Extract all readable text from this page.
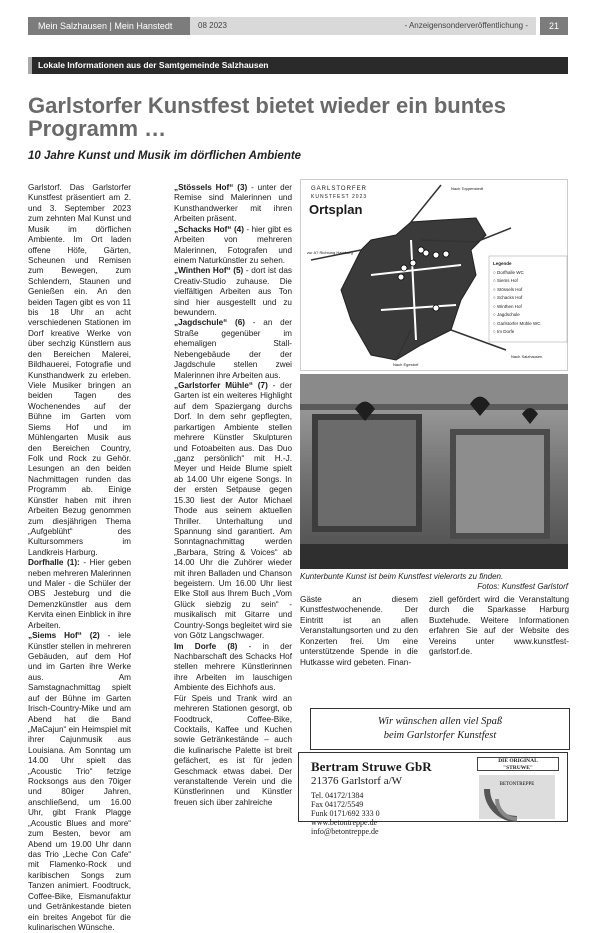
Mein Salzhausen | Mein Hanstedt	08 2023	- Anzeigensonderveröffentlichung -	21
Lokale Informationen aus der Samtgemeinde Salzhausen
Garlstorfer Kunstfest bietet wieder ein buntes Programm …
10 Jahre Kunst und Musik im dörflichen Ambiente

Garlstorf. Das Garlstorfer Kunstfest präsentiert am 2. und 3. September 2023 zum zehnten Mal Kunst und Musik im dörflichen Ambiente. Im Ort laden offene Höfe, Gärten, Scheunen und Remisen zum Bewegen, zum Schlendern, Staunen und Genießen ein. An den beiden Tagen gibt es von 11 bis 18 Uhr an acht verschiedenen Stationen im Dorf kreative Werke von über sechzig Künstlern aus den Bereichen Malerei, Bildhauerei, Fotografie und Kunsthandwerk zu erleben. Viele Musiker bringen an beiden Tagen des Wochenendes auf der Bühne im Garten vom Siems Hof und im Mühlengarten Musik aus den Bereichen Country, Folk und Rock zu Gehör. Lesungen an den beiden Nachmittagen runden das Programm ab. Einige Künstler haben mit ihren Arbeiten Bezug genommen zum diesjährigen Thema „Aufgeblüht“ des Kultursommers im Landkreis Harburg.

Dorfhalle (1): - Hier geben neben mehreren Malerinnen und Maler - die Schüler der OBS Jesteburg und die Demenzkünstler aus dem Kervita einen Einblick in ihre Arbeiten.

„Siems Hof“ (2) - iele Künstler stellen in mehreren Gebäuden, auf dem Hof und im Garten ihre Werke aus. Am Samstagnachmittag spielt auf der Bühne im Garten Irisch-Country-Mike und am Abend hat die Band „MaCajun“ ein Heimspiel mit ihrer Cajunmusik aus Louisiana. Am Sonntag um 14.00 Uhr spielt das „Acoustic Trio“ fetzige Rocksongs aus den 70iger und 80iger Jahren, anschließend, um 16.00 Uhr, gibt Frank Plagge „Acoustic Blues and more“ zum Besten, bevor am Abend um 19.00 Uhr dann das Trio „Leche Con Cafe“ mit Flamenko-Rock und karibischen Songs zum Tanzen animiert. Foodtruck, Coffee-Bike, Eismanufaktur und Getränkestande bieten ein breites Angebot für die kulinarischen Wünsche.

„Stössels Hof“ (3) - unter der Remise sind Malerinnen und Kunsthandwerker mit ihren Arbeiten präsent.

„Schacks Hof“ (4) - hier gibt es Arbeiten von mehreren Malerinnen, Fotografen und einem Naturkünstler zu sehen.

„Winthen Hof“ (5) - dort ist das Creativ-Studio zuhause. Die vielfältigen Arbeiten aus Ton sind hier ausgestellt und zu bewundern.

„Jagdschule“ (6) - an der Straße gegenüber im ehemaligen Stall-Nebengebäude der der Jagdschule stellen zwei Malerinnen ihre Arbeiten aus.

„Garlstorfer Mühle“ (7) - der Garten ist ein weiteres Highlight auf dem Spaziergang durchs Dorf. In dem sehr gepflegten, parkartigen Ambiente stellen mehrere Künstler Skulpturen und Fotoabeiten aus. Das Duo „ganz persönlich“ mit H.-J. Meyer und Heide Blume spielt ab 14.00 Uhr eigene Songs. In der ersten Setpause gegen 15.30 liest der Autor Michael Thode aus seinem aktuellen Thriller. Unterhaltung und Spannung sind garantiert. Am Sonntagnachmittag werden „Barbara, String & Voices“ ab 14.00 Uhr die Zuhörer wieder mit ihren Balladen und Chanson begeistern. Um 16.00 Uhr liest Elke Stoll aus Ihrem Buch „Vom Glück siebzig zu sein“ - musikalisch mit Gitarre und Country-Songs begleitet wird sie von Götz Langschwager.

Im Dorfe (8) - in der Nachbarschaft des Schacks Hof stellen mehrere Künstlerinnen ihre Arbeiten im lauschigen Ambiente des Eichhofs aus.

Für Speis und Trank wird an mehreren Stationen gesorgt, ob Foodtruck, Coffee-Bike, Cocktails, Kaffee und Kuchen sowie Getränkestände – auch die kulinarische Palette ist breit gefächert, es ist für jeden Geschmack etwas dabei. Der veranstaltende Verein und die Künstlerinnen und Künstler freuen sich über zahlreiche

GARLSTORFER
KUNSTFEST 2023
Ortsplan
Nach Toppenstedt
zur A7 Richtung Hamburg
Nach Egestorf
Nach Salzhausen
Legende
○ Dorfhalle WC
○ Siems Hof
○ Stössels Hof
○ Schacks Hof
○ Winthen Hof
○ Jagdschule
○ Garlstorfer Mühle WC
○ Im Dorfe
Kunterbunte Kunst ist beim Kunstfest vielerorts zu finden.
Fotos: Kunstfest Garlstorf
Gäste an diesem Kunstfestwochenende. Der Eintritt ist an allen Veranstaltungsorten und zu den Konzerten frei. Um eine unterstützende Spende in die Hutkasse wird gebeten. Finan-
ziell gefördert wird die Veranstaltung durch die Sparkasse Harburg Buxtehude. Weitere Informationen erfahren Sie auf der Website des Vereins unter www.kunstfest-garlstorf.de.
Wir wünschen allen viel Spaß
beim Garlstorfer Kunstfest
Bertram Struwe GbR
21376 Garlstorf a/W
Tel. 04172/1384
Fax 04172/5549
Funk 0171/692 333 0
www.betontreppe.de
info@betontreppe.de
DIE ORIGINAL
"STRUWE"
BETONTREPPE
